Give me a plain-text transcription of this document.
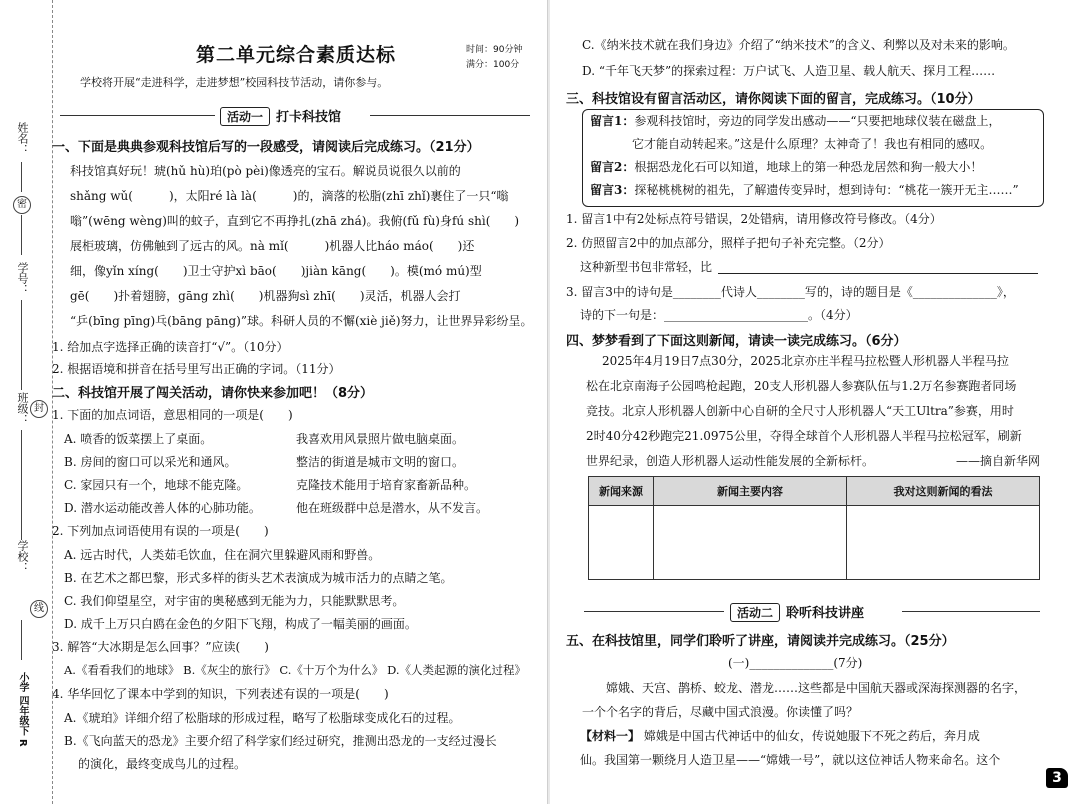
姓名：
密
学号：
班级： 封
学校：
线
小学 四年级下 R
第二单元综合素质达标	时间：90分钟
满分：100分
学校将开展“走进科学，走进梦想”校园科技节活动，请你参与。
活动一 打卡科技馆
一、下面是典典参观科技馆后写的一段感受，请阅读后完成练习。（21分）
科技馆真好玩！琥(hǔ hù)珀(pò pèi)像透亮的宝石。解说员说很久以前的
shǎng wǔ(　　　)，太阳ré là là(　　　)的，滴落的松脂(zhī zhǐ)裹住了一只“嗡
嗡”(wēng wèng)叫的蚊子，直到它不再挣扎(zhā zhá)。我俯(fǔ fù)身fú shì(　　)
展柜玻璃，仿佛触到了远古的风。nà mǐ(　　　)机器人比háo máo(　　)还
细，像yǐn xíng(　　)卫士守护xì bāo(　　)jiàn kāng(　　)。模(mó mú)型
gē(　　)扑着翅膀，gāng zhì(　　)机器狗sì zhī(　　)灵活，机器人会打
“乒(bīng pīng)乓(bāng pāng)”球。科研人员的不懈(xiè jiě)努力，让世界异彩纷呈。
1. 给加点字选择正确的读音打“√”。（10分）
2. 根据语境和拼音在括号里写出正确的字词。（11分）
二、科技馆开展了闯关活动，请你快来参加吧！（8分）
1. 下面的加点词语，意思相同的一项是(　　)
A. 喷香的饭菜摆上了桌面。	我喜欢用风景照片做电脑桌面。
B. 房间的窗口可以采光和通风。	整洁的街道是城市文明的窗口。
C. 家园只有一个，地球不能克隆。	克隆技术能用于培育家畜新品种。
D. 潜水运动能改善人体的心肺功能。	他在班级群中总是潜水，从不发言。
2. 下列加点词语使用有误的一项是(　　)
A. 远古时代，人类茹毛饮血，住在洞穴里躲避风雨和野兽。
B. 在艺术之都巴黎，形式多样的街头艺术表演成为城市活力的点睛之笔。
C. 我们仰望星空，对宇宙的奥秘感到无能为力，只能默默思考。
D. 成千上万只白鸥在金色的夕阳下飞翔，构成了一幅美丽的画面。
3. 解答“大冰期是怎么回事？”应读(　　)
A.《看看我们的地球》 B.《灰尘的旅行》 C.《十万个为什么》 D.《人类起源的演化过程》
4. 华华回忆了课本中学到的知识，下列表述有误的一项是(　　)
A.《琥珀》详细介绍了松脂球的形成过程，略写了松脂球变成化石的过程。
B.《飞向蓝天的恐龙》主要介绍了科学家们经过研究，推测出恐龙的一支经过漫长
的演化，最终变成鸟儿的过程。
C.《纳米技术就在我们身边》介绍了“纳米技术”的含义、利弊以及对未来的影响。
D. “千年飞天梦”的探索过程：万户试飞、人造卫星、载人航天、探月工程……
三、科技馆设有留言活动区，请你阅读下面的留言，完成练习。（10分）
留言1：参观科技馆时，旁边的同学发出感动——“只要把地球仪装在磁盘上，
它才能自动转起来。”这是什么原理？太神奇了！我也有相同的感叹。
留言2：根据恐龙化石可以知道，地球上的第一种恐龙居然和狗一般大小！
留言3：探秘桃桃树的祖先，了解遗传变异时，想到诗句：“桃花一簇开无主……”
1. 留言1中有2处标点符号错误，2处错病，请用修改符号修改。（4分）
2. 仿照留言2中的加点部分，照样子把句子补充完整。（2分）
这种新型书包非常轻，比
3. 留言3中的诗句是________代诗人________写的，诗的题目是《______________》，
诗的下一句是：________________________。（4分）
四、梦梦看到了下面这则新闻，请读一读完成练习。（6分）
2025年4月19日7点30分，2025北京亦庄半程马拉松暨人形机器人半程马拉
松在北京南海子公园鸣枪起跑，20支人形机器人参赛队伍与1.2万名参赛跑者同场
竞技。北京人形机器人创新中心自研的全尺寸人形机器人“天工Ultra”参赛，用时
2时40分42秒跑完21.0975公里，夺得全球首个人形机器人半程马拉松冠军，刷新
世界纪录，创造人形机器人运动性能发展的全新标杆。	——摘自新华网
新闻来源	新闻主要内容	我对这则新闻的看法

活动二 聆听科技讲座
五、在科技馆里，同学们聆听了讲座，请阅读并完成练习。（25分）
(一)______________(7分)
嫦娥、天宫、鹊桥、蛟龙、潜龙……这些都是中国航天器或深海探测器的名字，
一个个名字的背后，尽藏中国式浪漫。你读懂了吗？
【材料一】 嫦娥是中国古代神话中的仙女，传说她服下不死之药后，奔月成
仙。我国第一颗绕月人造卫星——“嫦娥一号”，就以这位神话人物来命名。这个
3
